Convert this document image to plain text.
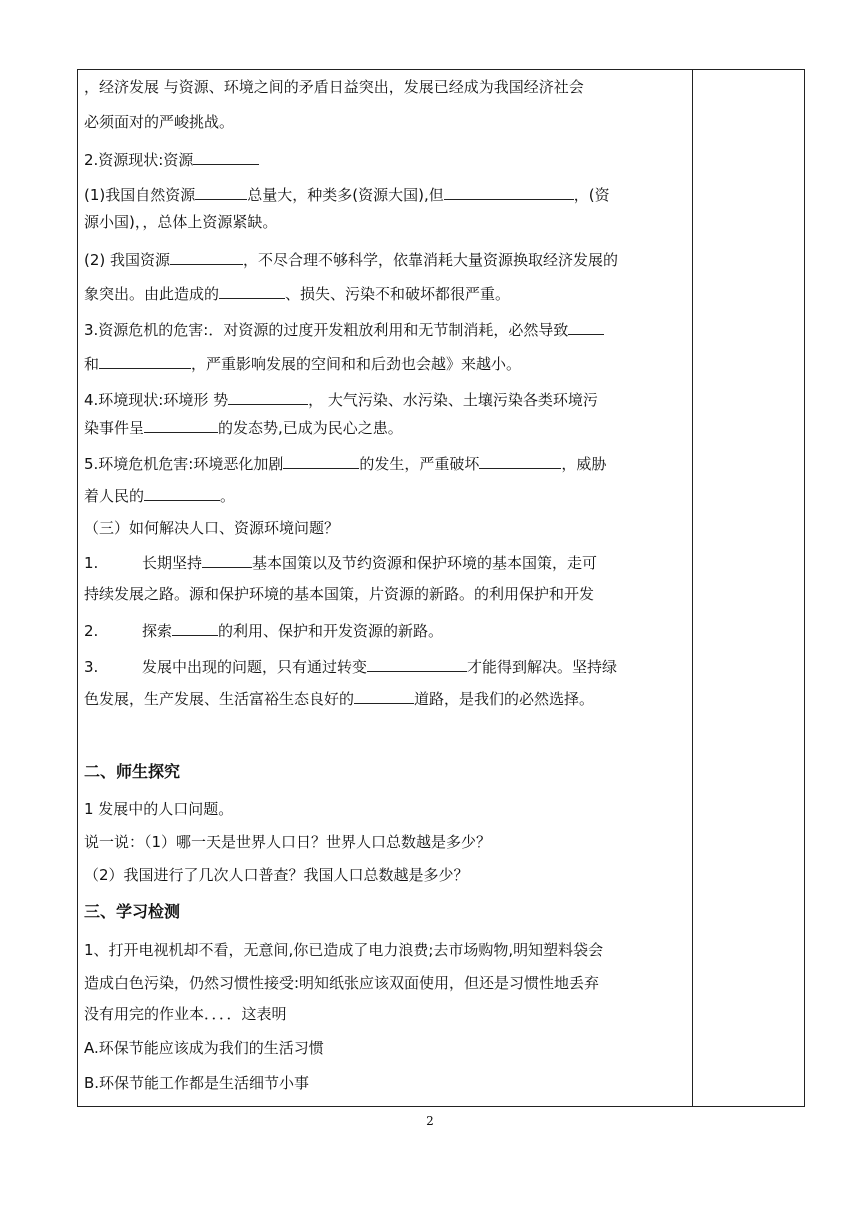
，经济发展 与资源、环境之间的矛盾日益突出，发展已经成为我国经济社会
必须面对的严峻挑战。
2.资源现状:资源
(1)我国自然资源	总量大，种类多(资源大国),但	，(资
源小国)，，总体上资源紧缺。
(2) 我国资源	，不尽合理不够科学，依靠消耗大量资源换取经济发展的
象突出。由此造成的	、损失、污染不和破坏都很严重。
3.资源危机的危害:．对资源的过度开发粗放利用和无节制消耗，必然导致
和	，严重影响发展的空间和和后劲也会越》来越小。
4.环境现状:环境形 势	， 大气污染、水污染、土壤污染各类环境污
染事件呈	的发态势,已成为民心之患。
5.环境危机危害:环境恶化加剧	的发生，严重破坏	，威胁
着人民的	。
（三）如何解决人口、资源环境问题？
1.	长期坚持	基本国策以及节约资源和保护环境的基本国策，走可
持续发展之路。源和保护环境的基本国策，片资源的新路。的利用保护和开发
2.	探索	的利用、保护和开发资源的新路。
3.	发展中出现的问题，只有通过转变	才能得到解决。坚持绿
色发展，生产发展、生活富裕生态良好的	道路，是我们的必然选择。
二、师生探究
1 发展中的人口问题。
说一说：（1）哪一天是世界人口日？世界人口总数越是多少？
（2）我国进行了几次人口普查？我国人口总数越是多少？
三、学习检测
1、打开电视机却不看，无意间,你已造成了电力浪费;去市场购物,明知塑料袋会
造成白色污染，仍然习惯性接受:明知纸张应该双面使用，但还是习惯性地丢弃
没有用完的作业本．．．．这表明
A.环保节能应该成为我们的生活习惯
B.环保节能工作都是生活细节小事
2
